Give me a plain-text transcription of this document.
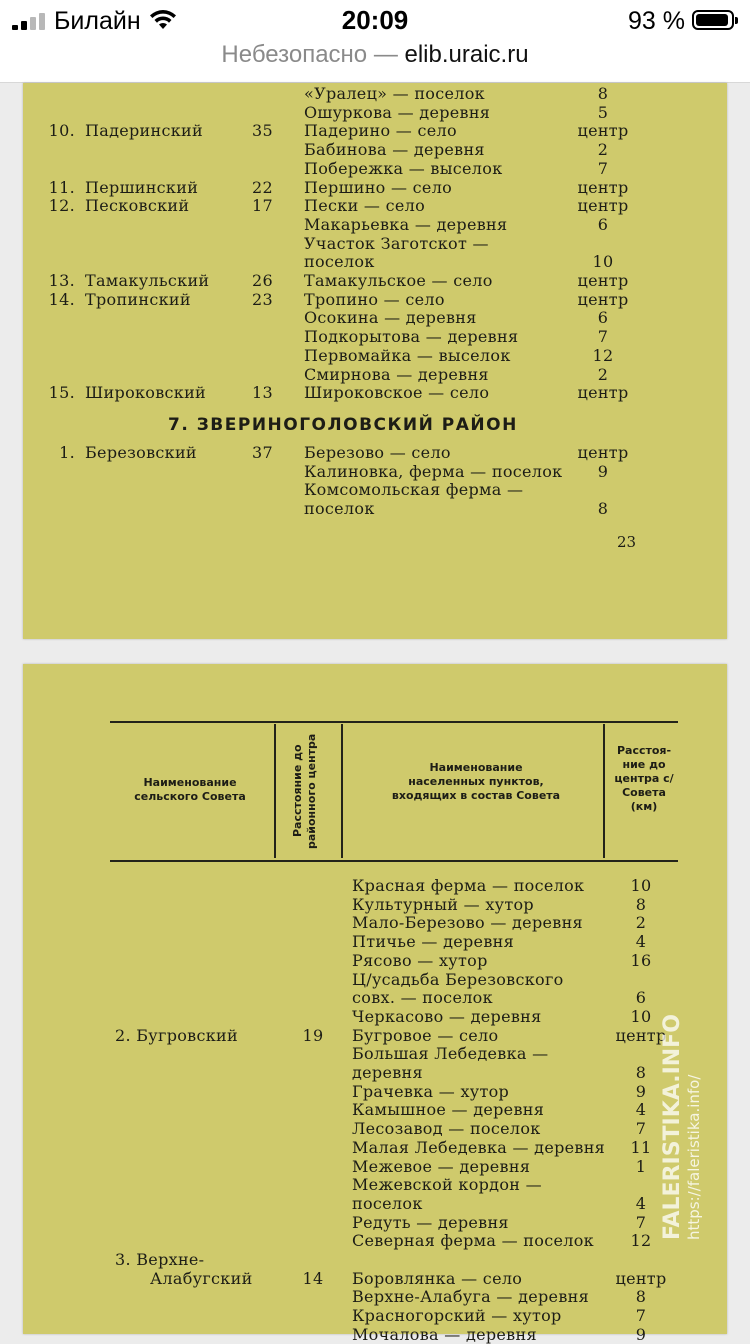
Билайн	20:09	93 %
Небезопасно — elib.uraic.ru
«Уралец» — поселок	8
Ошуркова — деревня	5
10. Падеринский	35 Падерино — село	центр
Бабинова — деревня	2
Побережка — выселок	7
11. Першинский	22 Першино — село	центр
12. Песковский	17 Пески — село	центр
Макарьевка — деревня	6
Участок Заготскот —
поселок	10
13. Тамакульский	26 Тамакульское — село	центр
14. Тропинский	23 Тропино — село	центр
Осокина — деревня	6
Подкорытова — деревня	7
Первомайка — выселок	12
Смирнова — деревня	2
15. Широковский	13 Широковское — село	центр
7. ЗВЕРИНОГОЛОВСКИЙ РАЙОН
1. Березовский	37 Березово — село	центр
Калиновка, ферма — поселок	9
Комсомольская ферма —
поселок	8
23
Наименование сельского Совета	Расстояние до районного центра	Наименование населенных пунктов, входящих в состав Совета
Расстоя- ние до центра с/Совета (км)
Красная ферма — поселок	10
Культурный — хутор	8
Мало-Березово — деревня	2
Птичье — деревня	4
Рясово — хутор	16
Ц/усадьба Березовского
совх. — поселок	6
Черкасово — деревня	10
2. Бугровский	19	Бугровое — село	центр
Большая Лебедевка —
деревня	8
Грачевка — хутор	9
Камышное — деревня	4
Лесозавод — поселок	7
Малая Лебедевка — деревня	11
Межевое — деревня	1
Межевской кордон —
поселок	4
Редуть — деревня	7
Северная ферма — поселок	12
3. Верхне-
Алабугский	14	Боровлянка — село	центр
Верхне-Алабуга — деревня	8
Красногорский — хутор	7
Мочалова — деревня	9
FALERISTIKA.INFO https://faleristika.info/
